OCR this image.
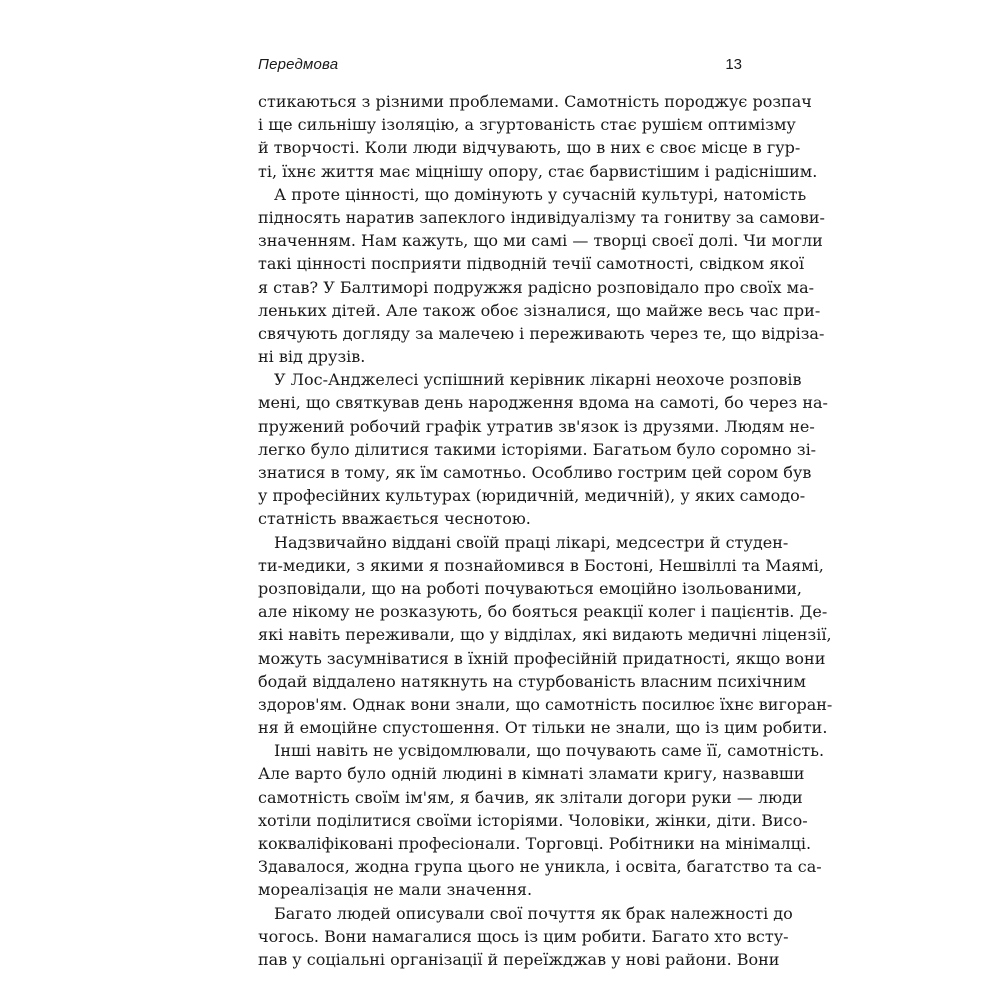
Передмова	13
стикаються з різними проблемами. Самотність породжує розпач
і ще сильнішу ізоляцію, а згуртованість стає рушієм оптимізму
й творчості. Коли люди відчувають, що в них є своє місце в гур-
ті, їхнє життя має міцнішу опору, стає барвистішим і радіснішим.
А проте цінності, що домінують у сучасній культурі, натомість
підносять наратив запеклого індивідуалізму та гонитву за самови-
значенням. Нам кажуть, що ми самі — творці своєї долі. Чи могли
такі цінності посприяти підводній течії самотності, свідком якої
я став? У Балтиморі подружжя радісно розповідало про своїх ма-
леньких дітей. Але також обоє зізналися, що майже весь час при-
свячують догляду за малечею і переживають через те, що відріза-
ні від друзів.
У Лос-Анджелесі успішний керівник лікарні неохоче розповів
мені, що святкував день народження вдома на самоті, бо через на-
пружений робочий графік утратив зв'язок із друзями. Людям не-
легко було ділитися такими історіями. Багатьом було соромно зі-
знатися в тому, як їм самотньо. Особливо гострим цей сором був
у професійних культурах (юридичній, медичній), у яких самодо-
статність вважається чеснотою.
Надзвичайно віддані своїй праці лікарі, медсестри й студен-
ти-медики, з якими я познайомився в Бостоні, Нешвіллі та Маямі,
розповідали, що на роботі почуваються емоційно ізольованими,
але нікому не розказують, бо бояться реакції колег і пацієнтів. Де-
які навіть переживали, що у відділах, які видають медичні ліцензії,
можуть засумніватися в їхній професійній придатності, якщо вони
бодай віддалено натякнуть на стурбованість власним психічним
здоров'ям. Однак вони знали, що самотність посилює їхнє вигоран-
ня й емоційне спустошення. От тільки не знали, що із цим робити.
Інші навіть не усвідомлювали, що почувають саме її, самотність.
Але варто було одній людині в кімнаті зламати кригу, назвавши
самотність своїм ім'ям, я бачив, як злітали догори руки — люди
хотіли поділитися своїми історіями. Чоловіки, жінки, діти. Висо-
кокваліфіковані професіонали. Торговці. Робітники на мінімалці.
Здавалося, жодна група цього не уникла, і освіта, багатство та са-
мореалізація не мали значення.
Багато людей описували свої почуття як брак належності до
чогось. Вони намагалися щось із цим робити. Багато хто всту-
пав у соціальні організації й переїжджав у нові райони. Вони
